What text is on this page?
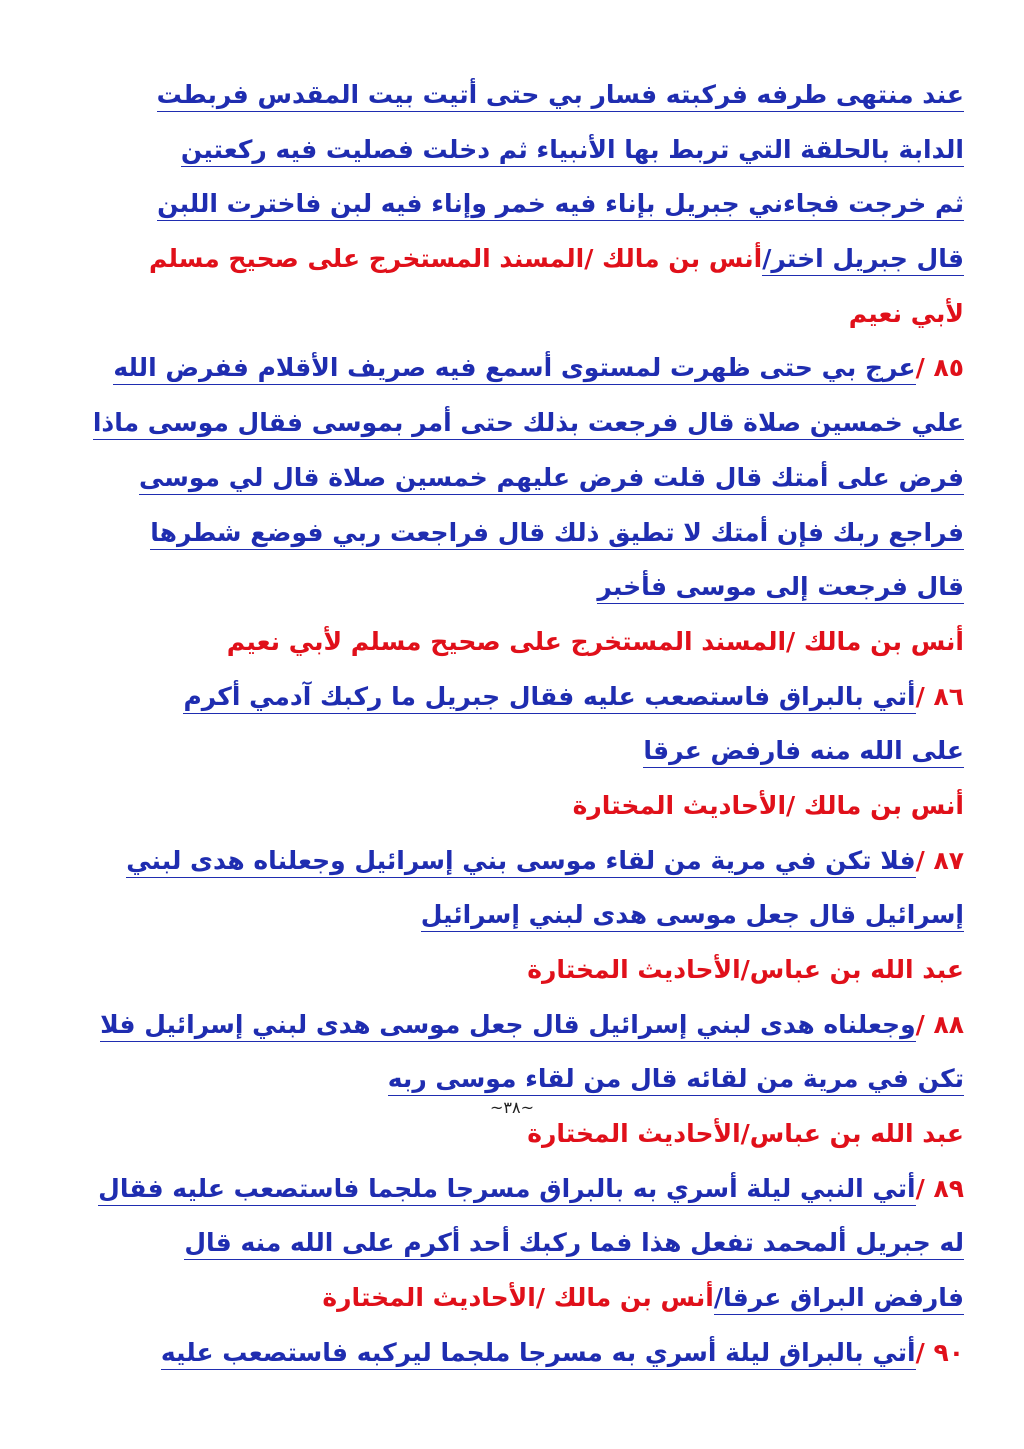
عند منتهى طرفه فركبته فسار بي حتى أتيت بيت المقدس فربطت
الدابة بالحلقة التي تربط بها الأنبياء ثم دخلت فصليت فيه ركعتين
ثم خرجت فجاءني جبريل بإناء فيه خمر وإناء فيه لبن فاخترت اللبن
قال جبريل اختر/أنس بن مالك /المسند المستخرج على صحيح مسلم
لأبي نعيم
٨٥ /عرج بي حتى ظهرت لمستوى أسمع فيه صريف الأقلام ففرض الله
علي خمسين صلاة قال فرجعت بذلك حتى أمر بموسى فقال موسى ماذا
فرض على أمتك قال قلت فرض عليهم خمسين صلاة قال لي موسى
فراجع ربك فإن أمتك لا تطيق ذلك قال فراجعت ربي فوضع شطرها
قال فرجعت إلى موسى فأخبر
أنس بن مالك /المسند المستخرج على صحيح مسلم لأبي نعيم
٨٦ /أتي بالبراق فاستصعب عليه فقال جبريل ما ركبك آدمي أكرم
على الله منه فارفض عرقا
أنس بن مالك /الأحاديث المختارة
٨٧ /فلا تكن في مرية من لقاء موسى بني إسرائيل وجعلناه هدى لبني
إسرائيل قال جعل موسى هدى لبني إسرائيل
عبد الله بن عباس/الأحاديث المختارة
٨٨ /وجعلناه هدى لبني إسرائيل قال جعل موسى هدى لبني إسرائيل فلا
تكن في مرية من لقائه قال من لقاء موسى ربه
عبد الله بن عباس/الأحاديث المختارة
٨٩ /أتي النبي ليلة أسري به بالبراق مسرجا ملجما فاستصعب عليه فقال
له جبريل ألمحمد تفعل هذا فما ركبك أحد أكرم على الله منه قال
فارفض البراق عرقا/أنس بن مالك /الأحاديث المختارة
٩٠ /أتي بالبراق ليلة أسري به مسرجا ملجما ليركبه فاستصعب عليه
~٣٨~
